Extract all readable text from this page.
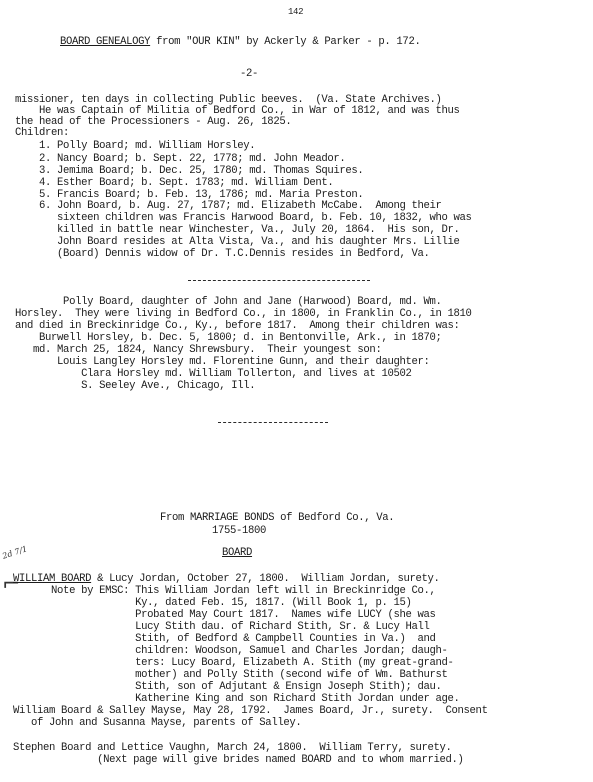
142
BOARD GENEALOGY from "OUR KIN" by Ackerly & Parker - p. 172.
-2-
missioner, ten days in collecting Public beeves.  (Va. State Archives.)
He was Captain of Militia of Bedford Co., in War of 1812, and was thus
the head of the Processioners - Aug. 26, 1825.
Children:
1. Polly Board; md. William Horsley.
2. Nancy Board; b. Sept. 22, 1778; md. John Meador.
3. Jemima Board; b. Dec. 25, 1780; md. Thomas Squires.
4. Esther Board; b. Sept. 1783; md. William Dent.
5. Francis Board; b. Feb. 13, 1786; md. Maria Preston.
6. John Board, b. Aug. 27, 1787; md. Elizabeth McCabe.  Among their
sixteen children was Francis Harwood Board, b. Feb. 10, 1832, who was
killed in battle near Winchester, Va., July 20, 1864.  His son, Dr.
John Board resides at Alta Vista, Va., and his daughter Mrs. Lillie
(Board) Dennis widow of Dr. T.C.Dennis resides in Bedford, Va.
Polly Board, daughter of John and Jane (Harwood) Board, md. Wm.
Horsley.  They were living in Bedford Co., in 1800, in Franklin Co., in 1810
and died in Breckinridge Co., Ky., before 1817.  Among their children was:
Burwell Horsley, b. Dec. 5, 1800; d. in Bentonville, Ark., in 1870;
md. March 25, 1824, Nancy Shrewsbury.  Their youngest son:
Louis Langley Horsley md. Florentine Gunn, and their daughter:
Clara Horsley md. William Tollerton, and lives at 10502
S. Seeley Ave., Chicago, Ill.
From MARRIAGE BONDS of Bedford Co., Va.
1755-1800
BOARD
2d 7/1
⌐
WILLIAM BOARD & Lucy Jordan, October 27, 1800.  William Jordan, surety.
Note by EMSC: This William Jordan left will in Breckinridge Co.,
Ky., dated Feb. 15, 1817. (Will Book 1, p. 15)
Probated May Court 1817.  Names wife LUCY (she was
Lucy Stith dau. of Richard Stith, Sr. & Lucy Hall
Stith, of Bedford & Campbell Counties in Va.)  and
children: Woodson, Samuel and Charles Jordan; daugh-
ters: Lucy Board, Elizabeth A. Stith (my great-grand-
mother) and Polly Stith (second wife of Wm. Bathurst
Stith, son of Adjutant & Ensign Joseph Stith); dau.
Katherine King and son Richard Stith Jordan under age.
William Board & Salley Mayse, May 28, 1792.  James Board, Jr., surety.  Consent
of John and Susanna Mayse, parents of Salley.
Stephen Board and Lettice Vaughn, March 24, 1800.  William Terry, surety.
(Next page will give brides named BOARD and to whom married.)
